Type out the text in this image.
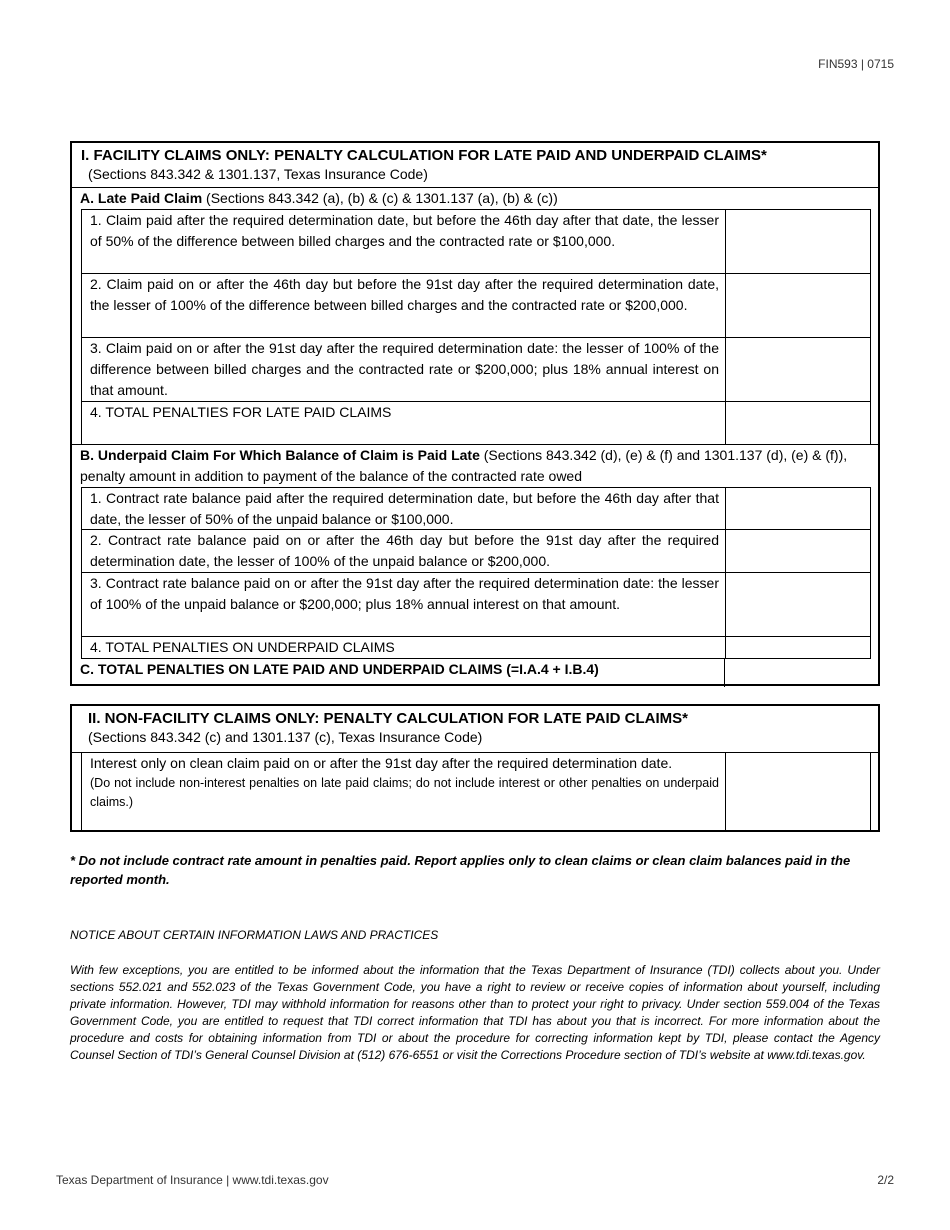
FIN593 | 0715
I. FACILITY CLAIMS ONLY: PENALTY CALCULATION FOR LATE PAID AND UNDERPAID CLAIMS*
(Sections 843.342 & 1301.137, Texas Insurance Code)
A. Late Paid Claim (Sections 843.342 (a), (b) & (c) & 1301.137 (a), (b) & (c))
1. Claim paid after the required determination date, but before the 46th day after that date, the lesser of 50% of the difference between billed charges and the contracted rate or $100,000.
2. Claim paid on or after the 46th day but before the 91st day after the required determination date, the lesser of 100% of the difference between billed charges and the contracted rate or $200,000.
3. Claim paid on or after the 91st day after the required determination date: the lesser of 100% of the difference between billed charges and the contracted rate or $200,000; plus 18% annual interest on that amount.
4. TOTAL PENALTIES FOR LATE PAID CLAIMS
B. Underpaid Claim For Which Balance of Claim is Paid Late (Sections 843.342 (d), (e) & (f) and 1301.137 (d), (e) & (f)), penalty amount in addition to payment of the balance of the contracted rate owed
1. Contract rate balance paid after the required determination date, but before the 46th day after that date, the lesser of 50% of the unpaid balance or $100,000.
2. Contract rate balance paid on or after the 46th day but before the 91st day after the required determination date, the lesser of 100% of the unpaid balance or $200,000.
3. Contract rate balance paid on or after the 91st day after the required determination date: the lesser of 100% of the unpaid balance or $200,000; plus 18% annual interest on that amount.
4. TOTAL PENALTIES ON UNDERPAID CLAIMS
C. TOTAL PENALTIES ON LATE PAID AND UNDERPAID CLAIMS (=I.A.4 + I.B.4)
II. NON-FACILITY CLAIMS ONLY: PENALTY CALCULATION FOR LATE PAID CLAIMS*
(Sections 843.342 (c) and 1301.137 (c), Texas Insurance Code)
Interest only on clean claim paid on or after the 91st day after the required determination date.
(Do not include non-interest penalties on late paid claims; do not include interest or other penalties on underpaid claims.)
* Do not include contract rate amount in penalties paid. Report applies only to clean claims or clean claim balances paid in the reported month.
NOTICE ABOUT CERTAIN INFORMATION LAWS AND PRACTICES
With few exceptions, you are entitled to be informed about the information that the Texas Department of Insurance (TDI) collects about you. Under sections 552.021 and 552.023 of the Texas Government Code, you have a right to review or receive copies of information about yourself, including private information. However, TDI may withhold information for reasons other than to protect your right to privacy. Under section 559.004 of the Texas Government Code, you are entitled to request that TDI correct information that TDI has about you that is incorrect. For more information about the procedure and costs for obtaining information from TDI or about the procedure for correcting information kept by TDI, please contact the Agency Counsel Section of TDI’s General Counsel Division at (512) 676-6551 or visit the Corrections Procedure section of TDI’s website at www.tdi.texas.gov.
Texas Department of Insurance | www.tdi.texas.gov	2/2
